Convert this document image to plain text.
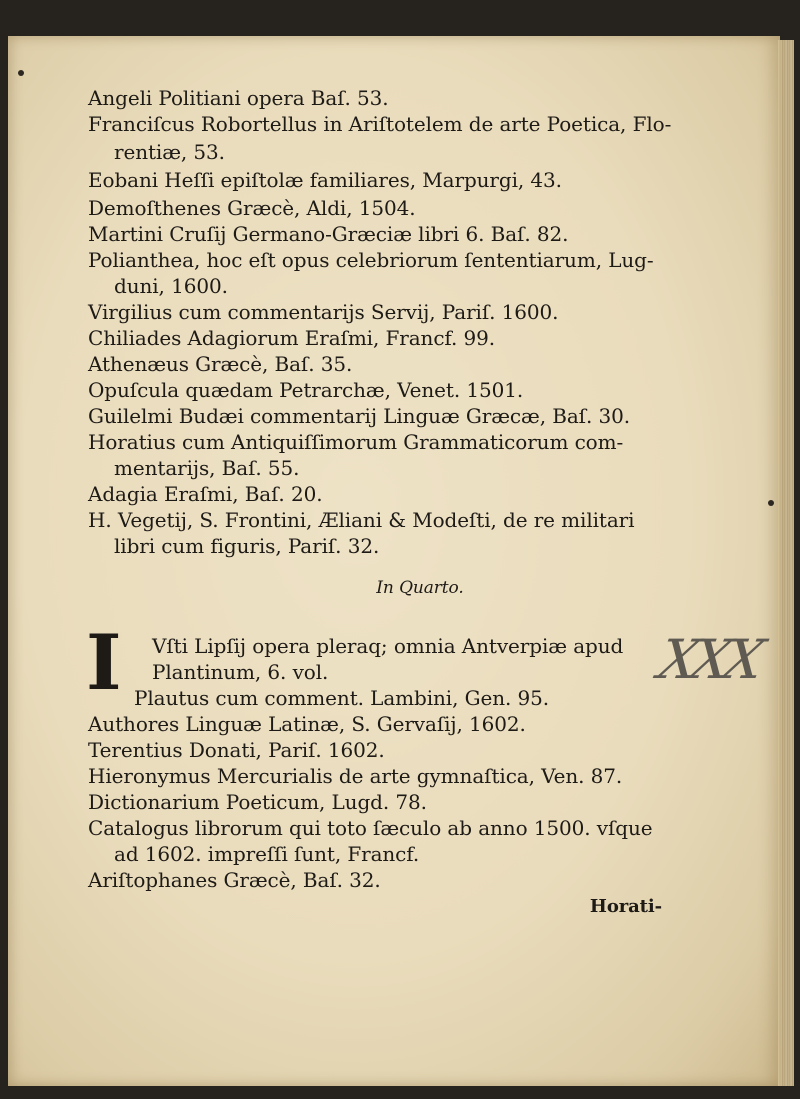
Angeli Politiani opera Baſ. 53.
Franciſcus Robortellus in Ariſtotelem de arte Poetica, Flo-
rentiæ, 53.
Eobani Heſſi epiſtolæ familiares, Marpurgi, 43.
Demoſthenes Græcè, Aldi, 1504.
Martini Cruſij Germano-Græciæ libri 6. Baſ. 82.
Polianthea, hoc eſt opus celebriorum ſententiarum, Lug-
duni, 1600.
Virgilius cum commentarijs Servij, Pariſ. 1600.
Chiliades Adagiorum Eraſmi, Francf. 99.
Athenæus Græcè, Baſ. 35.
Opuſcula quædam Petrarchæ, Venet. 1501.
Guilelmi Budæi commentarij Linguæ Græcæ, Baſ. 30.
Horatius cum Antiquiſſimorum Grammaticorum com-
mentarijs, Baſ. 55.
Adagia Eraſmi, Baſ. 20.
H. Vegetij, S. Frontini, Æliani & Modeſti, de re militari
libri cum figuris, Pariſ. 32.
In Quarto.
I Vſti Lipſij opera pleraq; omnia Antverpiæ apud
Plantinum, 6. vol.
Plautus cum comment. Lambini, Gen. 95.
Authores Linguæ Latinæ, S. Gervaſij, 1602.
Terentius Donati, Pariſ. 1602.
Hieronymus Mercurialis de arte gymnaſtica, Ven. 87.
Dictionarium Poeticum, Lugd. 78.
Catalogus librorum qui toto ſæculo ab anno 1500. vſque
ad 1602. impreſſi ſunt, Francf.
Ariſtophanes Græcè, Baſ. 32.
Horati-
XXX
